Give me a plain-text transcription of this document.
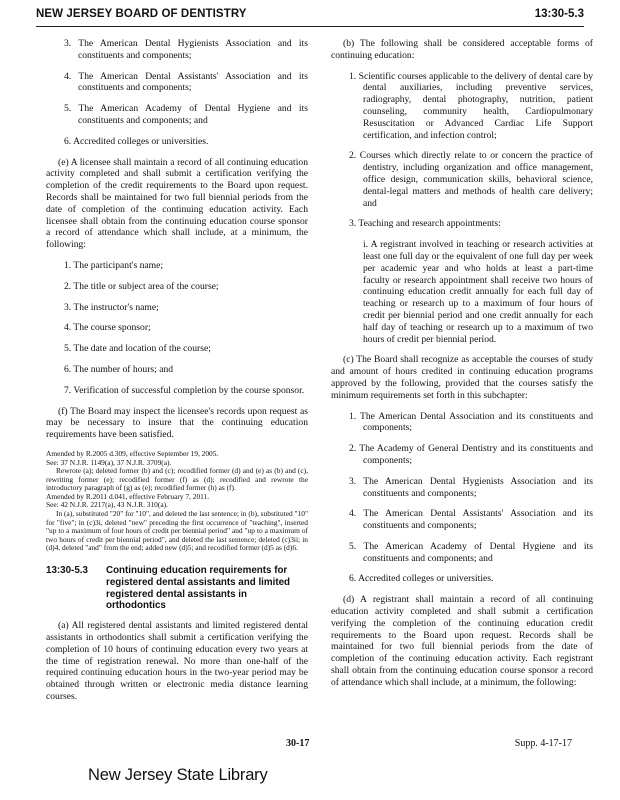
NEW JERSEY BOARD OF DENTISTRY	13:30-5.3

3. The American Dental Hygienists Association and its constituents and components;

4. The American Dental Assistants' Association and its constituents and components;

5. The American Academy of Dental Hygiene and its constituents and components; and

6. Accredited colleges or universities.

(e) A licensee shall maintain a record of all continuing education activity completed and shall submit a certification verifying the completion of the credit requirements to the Board upon request. Records shall be maintained for two full biennial periods from the date of completion of the continuing education activity. Each licensee shall obtain from the continuing education course sponsor a record of attendance which shall include, at a minimum, the following:

1. The participant's name;

2. The title or subject area of the course;

3. The instructor's name;

4. The course sponsor;

5. The date and location of the course;

6. The number of hours; and

7. Verification of successful completion by the course sponsor.

(f) The Board may inspect the licensee's records upon request as may be necessary to insure that the continuing education requirements have been satisfied.

Amended by R.2005 d.309, effective September 19, 2005.

See: 37 N.J.R. 1149(a), 37 N.J.R. 3709(a).

Rewrote (a); deleted former (b) and (c); recodified former (d) and (e) as (b) and (c), rewriting former (e); recodified former (f) as (d); recodified and rewrote the introductory paragraph of (g) as (e); recodified former (h) as (f).

Amended by R.2011 d.041, effective February 7, 2011.

See: 42 N.J.R. 2217(a), 43 N.J.R. 310(a).

In (a), substituted "20" for "10", and deleted the last sentence; in (b), substituted "10" for "five"; in (c)3i, deleted "new" preceding the first occurrence of "teaching", inserted "up to a maximum of four hours of credit per biennial period" and "up to a maximum of two hours of credit per biennial period", and deleted the last sentence; deleted (c)3ii; in (d)4, deleted "and" from the end; added new (d)5; and recodified former (d)5 as (d)6.

13:30-5.3	Continuing education requirements for registered dental assistants and limited registered dental assistants in orthodontics

(a) All registered dental assistants and limited registered dental assistants in orthodontics shall submit a certification verifying the completion of 10 hours of continuing education every two years at the time of registration renewal. No more than one-half of the required continuing education hours in the two-year period may be obtained through written or electronic media distance learning courses.

(b) The following shall be considered acceptable forms of continuing education:

1. Scientific courses applicable to the delivery of dental care by dental auxiliaries, including preventive services, radiography, dental photography, nutrition, patient counseling, community health, Cardiopulmonary Resuscitation or Advanced Cardiac Life Support certification, and infection control;

2. Courses which directly relate to or concern the practice of dentistry, including organization and office management, office design, communication skills, behavioral science, dental-legal matters and methods of health care delivery; and

3. Teaching and research appointments:

i. A registrant involved in teaching or research activities at least one full day or the equivalent of one full day per week per academic year and who holds at least a part-time faculty or research appointment shall receive two hours of continuing education credit annually for each full day of teaching or research up to a maximum of four hours of credit per biennial period and one credit annually for each half day of teaching or research up to a maximum of two hours of credit per biennial period.

(c) The Board shall recognize as acceptable the courses of study and amount of hours credited in continuing education programs approved by the following, provided that the courses satisfy the minimum requirements set forth in this subchapter:

1. The American Dental Association and its constituents and components;

2. The Academy of General Dentistry and its constituents and components;

3. The American Dental Hygienists Association and its constituents and components;

4. The American Dental Assistants' Association and its constituents and components;

5. The American Academy of Dental Hygiene and its constituents and components; and

6. Accredited colleges or universities.

(d) A registrant shall maintain a record of all continuing education activity completed and shall submit a certification verifying the completion of the continuing education credit requirements to the Board upon request. Records shall be maintained for two full biennial periods from the date of completion of the continuing education activity. Each registrant shall obtain from the continuing education course sponsor a record of attendance which shall include, at a minimum, the following:

30-17	Supp. 4-17-17
New Jersey State Library
